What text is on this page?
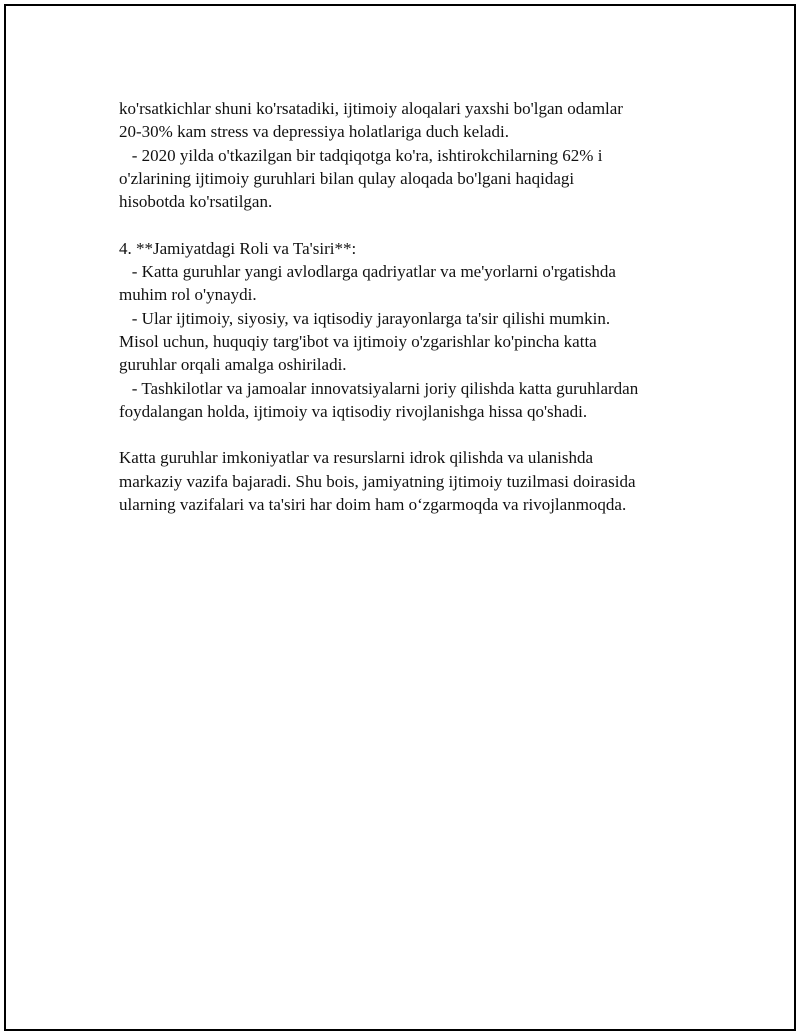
ko'rsatkichlar shuni ko'rsatadiki, ijtimoiy aloqalari yaxshi bo'lgan odamlar

20-30% kam stress va depressiya holatlariga duch keladi.

- 2020 yilda o'tkazilgan bir tadqiqotga ko'ra, ishtirokchilarning 62% i

o'zlarining ijtimoiy guruhlari bilan qulay aloqada bo'lgani haqidagi

hisobotda ko'rsatilgan.

4. **Jamiyatdagi Roli va Ta'siri**:

- Katta guruhlar yangi avlodlarga qadriyatlar va me'yorlarni o'rgatishda

muhim rol o'ynaydi.

- Ular ijtimoiy, siyosiy, va iqtisodiy jarayonlarga ta'sir qilishi mumkin.

Misol uchun, huquqiy targ'ibot va ijtimoiy o'zgarishlar ko'pincha katta

guruhlar orqali amalga oshiriladi.

- Tashkilotlar va jamoalar innovatsiyalarni joriy qilishda katta guruhlardan

foydalangan holda, ijtimoiy va iqtisodiy rivojlanishga hissa qo'shadi.

Katta guruhlar imkoniyatlar va resurslarni idrok qilishda va ulanishda

markaziy vazifa bajaradi. Shu bois, jamiyatning ijtimoiy tuzilmasi doirasida

ularning vazifalari va ta'siri har doim ham o‘zgarmoqda va rivojlanmoqda.
